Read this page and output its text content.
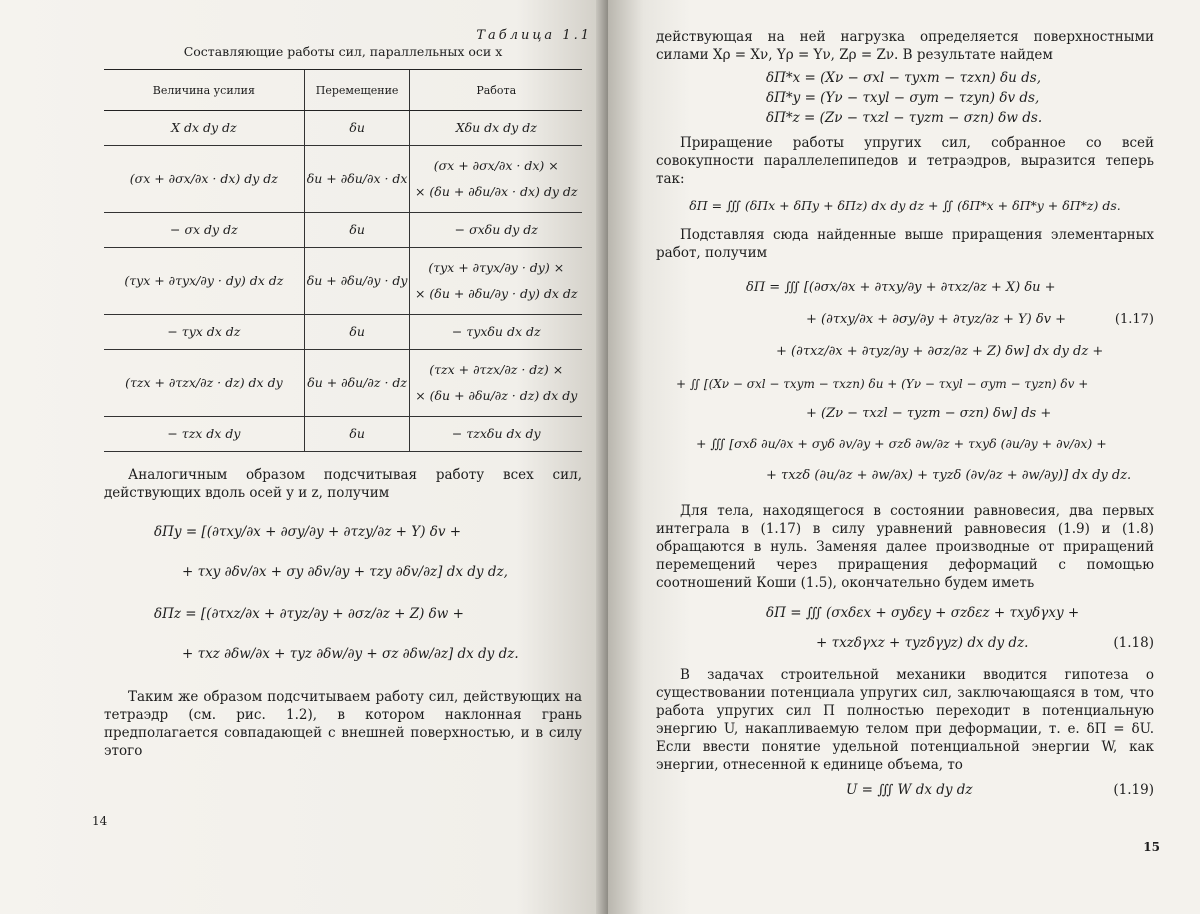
Таблица 1.1
Составляющие работы сил, параллельных оси x
Величина усилия	Перемещение	Работа

X dx dy dz	δu	Xδu dx dy dz

(σx + ∂σx/∂x · dx) dy dz	δu + ∂δu/∂x · dx	(σx + ∂σx/∂x · dx) ×
× (δu + ∂δu/∂x · dx) dy dz

− σx dy dz	δu	− σxδu dy dz

(τyx + ∂τyx/∂y · dy) dx dz	δu + ∂δu/∂y · dy	(τyx + ∂τyx/∂y · dy) ×
× (δu + ∂δu/∂y · dy) dx dz

− τyx dx dz	δu	− τyxδu dx dz

(τzx + ∂τzx/∂z · dz) dx dy	δu + ∂δu/∂z · dz	(τzx + ∂τzx/∂z · dz) ×
× (δu + ∂δu/∂z · dz) dx dy

− τzx dx dy	δu	− τzxδu dx dy

Аналогичным образом подсчитывая работу всех сил, действующих вдоль осей y и z, получим

δΠy = [(∂τxy/∂x + ∂σy/∂y + ∂τzy/∂z + Y) δv +
+ τxy ∂δv/∂x + σy ∂δv/∂y + τzy ∂δv/∂z] dx dy dz,
δΠz = [(∂τxz/∂x + ∂τyz/∂y + ∂σz/∂z + Z) δw +
+ τxz ∂δw/∂x + τyz ∂δw/∂y + σz ∂δw/∂z] dx dy dz.

Таким же образом подсчитываем работу сил, действующих на тетраэдр (см. рис. 1.2), в котором наклонная грань предполагается совпадающей с внешней поверхностью, и в силу этого

14

действующая на ней нагрузка определяется поверхностными силами Xρ = Xν, Yρ = Yν, Zρ = Zν. В результате найдем

δΠ*x = (Xν − σxl − τyxm − τzxn) δu ds,
δΠ*y = (Yν − τxyl − σym − τzyn) δv ds,
δΠ*z = (Zν − τxzl − τyzm − σzn) δw ds.

Приращение работы упругих сил, собранное со всей совокупности параллелепипедов и тетраэдров, выразится теперь так:

δΠ = ∭ (δΠx + δΠy + δΠz) dx dy dz + ∬ (δΠ*x + δΠ*y + δΠ*z) ds.

Подставляя сюда найденные выше приращения элементарных работ, получим

δΠ = ∭ [(∂σx/∂x + ∂τxy/∂y + ∂τxz/∂z + X) δu +
+ (∂τxy/∂x + ∂σy/∂y + ∂τyz/∂z + Y) δv +	(1.17)
+ (∂τxz/∂x + ∂τyz/∂y + ∂σz/∂z + Z) δw] dx dy dz +
+ ∬ [(Xν − σxl − τxym − τxzn) δu + (Yν − τxyl − σym − τyzn) δv +
+ (Zν − τxzl − τyzm − σzn) δw] ds +
+ ∭ [σxδ ∂u/∂x + σyδ ∂v/∂y + σzδ ∂w/∂z + τxyδ (∂u/∂y + ∂v/∂x) +
+ τxzδ (∂u/∂z + ∂w/∂x) + τyzδ (∂v/∂z + ∂w/∂y)] dx dy dz.

Для тела, находящегося в состоянии равновесия, два первых интеграла в (1.17) в силу уравнений равновесия (1.9) и (1.8) обращаются в нуль. Заменяя далее производные от приращений перемещений через приращения деформаций с помощью соотношений Коши (1.5), окончательно будем иметь

δΠ = ∭ (σxδεx + σyδεy + σzδεz + τxyδγxy +
+ τxzδγxz + τyzδγyz) dx dy dz.	(1.18)

В задачах строительной механики вводится гипотеза о существовании потенциала упругих сил, заключающаяся в том, что работа упругих сил Π полностью переходит в потенциальную энергию U, накапливаемую телом при деформации, т. е. δΠ = δU. Если ввести понятие удельной потенциальной энергии W, как энергии, отнесенной к единице объема, то

U = ∭ W dx dy dz	(1.19)
15
